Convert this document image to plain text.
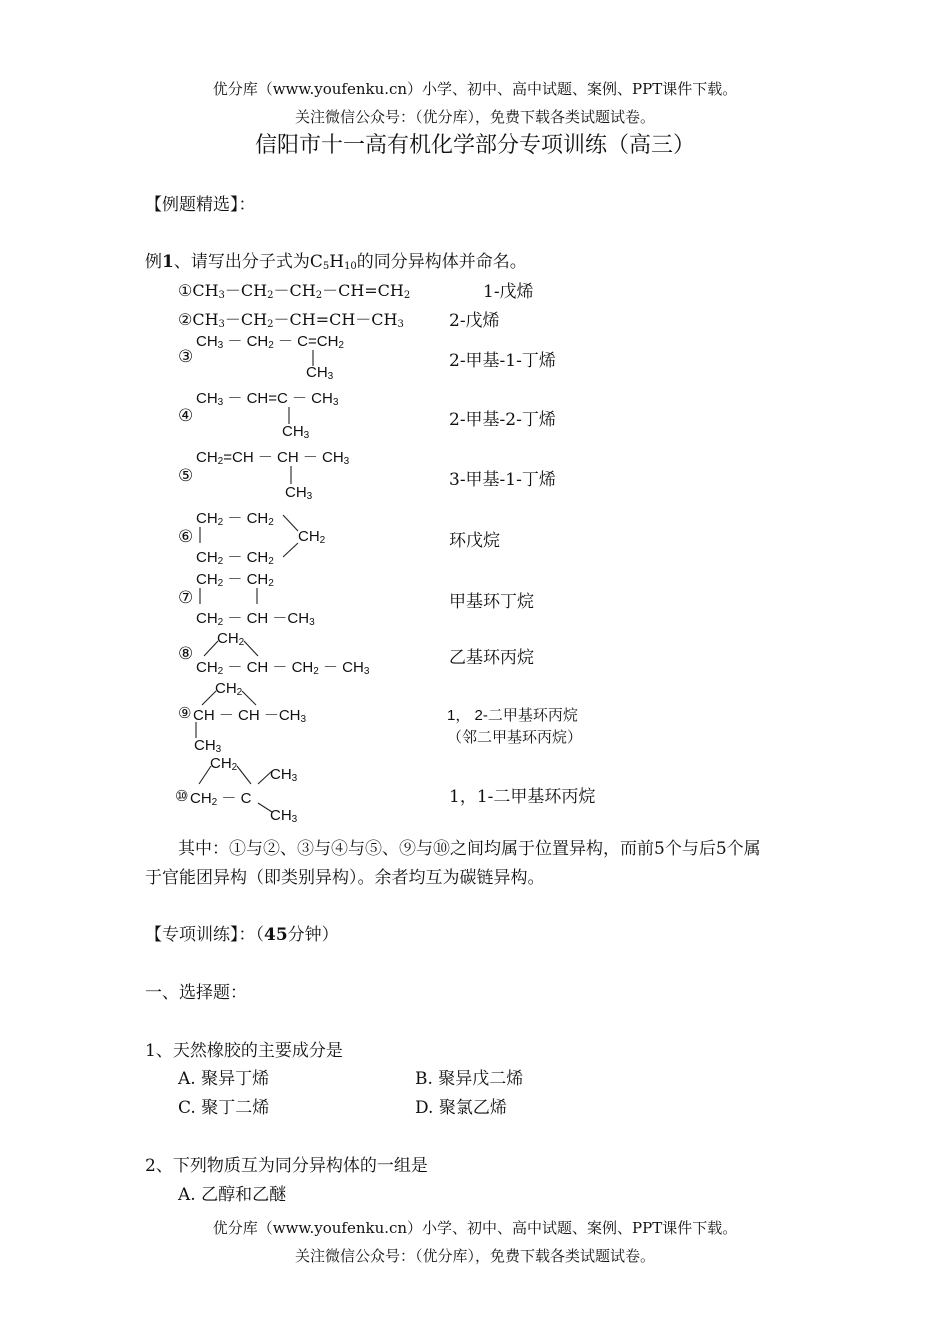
优分库（www.youfenku.cn）小学、初中、高中试题、案例、PPT课件下载。
关注微信公众号：（优分库），免费下载各类试题试卷。
信阳市十一高有机化学部分专项训练（高三）
【例题精选】：
例1、请写出分子式为$C_5H_{10}$的同分异构体并命名。
$①CH_3-CH_2-CH_2-CH=CH_2$	1-戊烯
$②CH_3-CH_2-CH=CH-CH_3$	2-戊烯
③
$CH_3 - CH_2 - C=CH_2$
$CH_3$
2-甲基-1-丁烯
④
$CH_3 - CH=C - CH_3$
$CH_3$
2-甲基-2-丁烯
⑤
$CH_2=CH$ － CH － $CH_3$
$CH_3$
3-甲基-1-丁烯
⑥
$CH_2 - CH_2$
$CH_2$
$CH_2 - CH_2$
环戊烷
⑦
$CH_2 - CH_2$
$CH_2$ － CH $-CH_3$
甲基环丁烷
⑧
$CH_2$
$CH_2$ － CH － $CH_2 - CH_3$
乙基环丙烷
⑨
$CH_2$
CH － CH $-CH_3$
$CH_3$
1， 2-二甲基环丙烷
（邻二甲基环丙烷）
⑩
$CH_2$ $CH_3$
$CH_2 - C$
$CH_3$
1，1-二甲基环丙烷
其中：①与②、③与④与⑤、⑨与⑩之间均属于位置异构，而前5个与后5个属
于官能团异构（即类别异构）。余者均互为碳链异构。
【专项训练】：（45分钟）
一、选择题：
1、天然橡胶的主要成分是
A. 聚异丁烯	B. 聚异戊二烯
C. 聚丁二烯	D. 聚氯乙烯
2、下列物质互为同分异构体的一组是
A. 乙醇和乙醚
优分库（www.youfenku.cn）小学、初中、高中试题、案例、PPT课件下载。
关注微信公众号：（优分库），免费下载各类试题试卷。
